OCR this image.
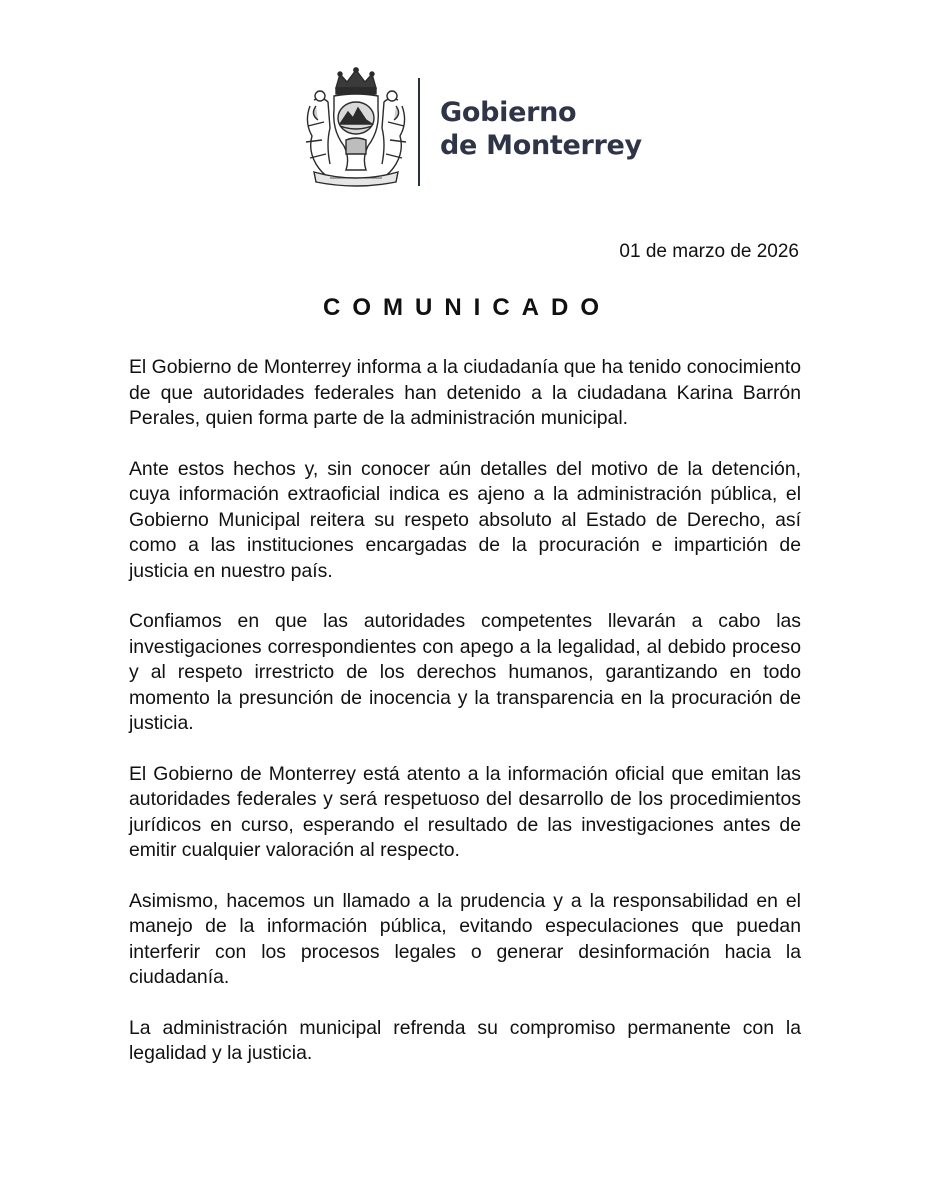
Gobierno
de Monterrey
01 de marzo de 2026
COMUNICADO

El Gobierno de Monterrey informa a la ciudadanía que ha tenido conocimiento de que autoridades federales han detenido a la ciudadana Karina Barrón Perales, quien forma parte de la administración municipal.

Ante estos hechos y, sin conocer aún detalles del motivo de la detención, cuya información extraoficial indica es ajeno a la administración pública, el Gobierno Municipal reitera su respeto absoluto al Estado de Derecho, así como a las instituciones encargadas de la procuración e impartición de justicia en nuestro país.

Confiamos en que las autoridades competentes llevarán a cabo las investigaciones correspondientes con apego a la legalidad, al debido proceso y al respeto irrestricto de los derechos humanos, garantizando en todo momento la presunción de inocencia y la transparencia en la procuración de justicia.

El Gobierno de Monterrey está atento a la información oficial que emitan las autoridades federales y será respetuoso del desarrollo de los procedimientos jurídicos en curso, esperando el resultado de las investigaciones antes de emitir cualquier valoración al respecto.

Asimismo, hacemos un llamado a la prudencia y a la responsabilidad en el manejo de la información pública, evitando especulaciones que puedan interferir con los procesos legales o generar desinformación hacia la ciudadanía.

La administración municipal refrenda su compromiso permanente con la legalidad y la justicia.
